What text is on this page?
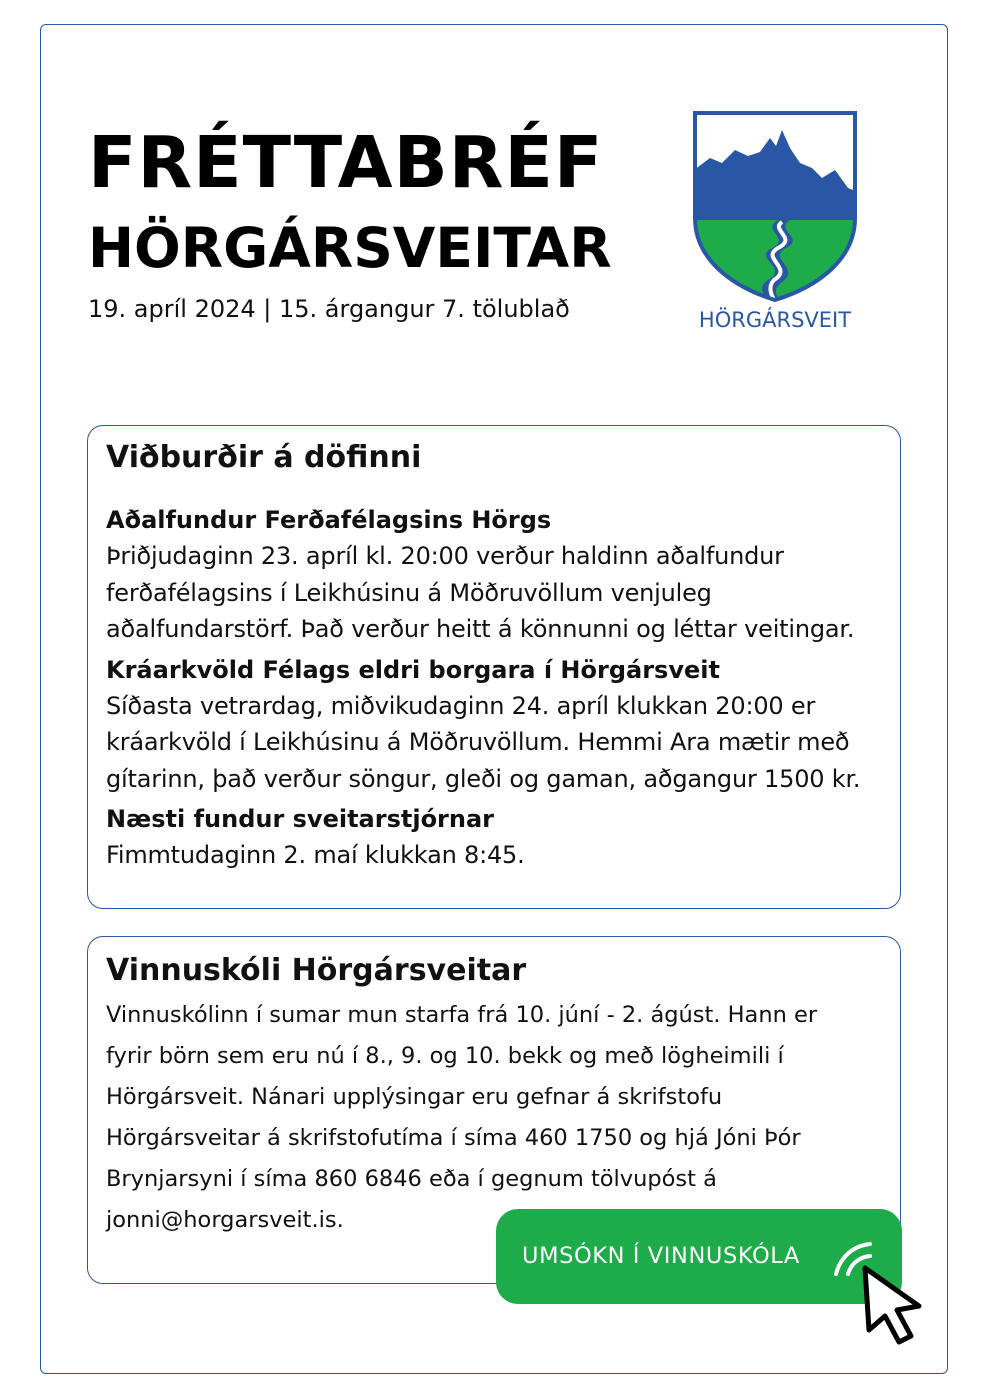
FRÉTTABRÉF
HÖRGÁRSVEITAR

19. apríl 2024 | 15. árgangur 7. tölublað	HÖRGÁRSVEIT
Viðburðir á döfinni

Aðalfundur Ferðafélagsins Hörgs

Þriðjudaginn 23. apríl kl. 20:00 verður haldinn aðalfundur ferðafélagsins í Leikhúsinu á Möðruvöllum venjuleg aðalfundarstörf. Það verður heitt á könnunni og léttar veitingar.

Kráarkvöld Félags eldri borgara í Hörgársveit

Síðasta vetrardag, miðvikudaginn 24. apríl klukkan 20:00 er kráarkvöld í Leikhúsinu á Möðruvöllum. Hemmi Ara mætir með gítarinn, það verður söngur, gleði og gaman, aðgangur 1500 kr.

Næsti fundur sveitarstjórnar

Fimmtudaginn 2. maí klukkan 8:45.

Vinnuskóli Hörgársveitar

Vinnuskólinn í sumar mun starfa frá 10. júní - 2. ágúst. Hann er fyrir börn sem eru nú í 8., 9. og 10. bekk og með lögheimili í Hörgársveit. Nánari upplýsingar eru gefnar á skrifstofu Hörgársveitar á skrifstofutíma í síma 460 1750 og hjá Jóni Þór Brynjarsyni í síma 860 6846 eða í gegnum tölvupóst á jonni@horgarsveit.is.

UMSÓKN Í VINNUSKÓLA
